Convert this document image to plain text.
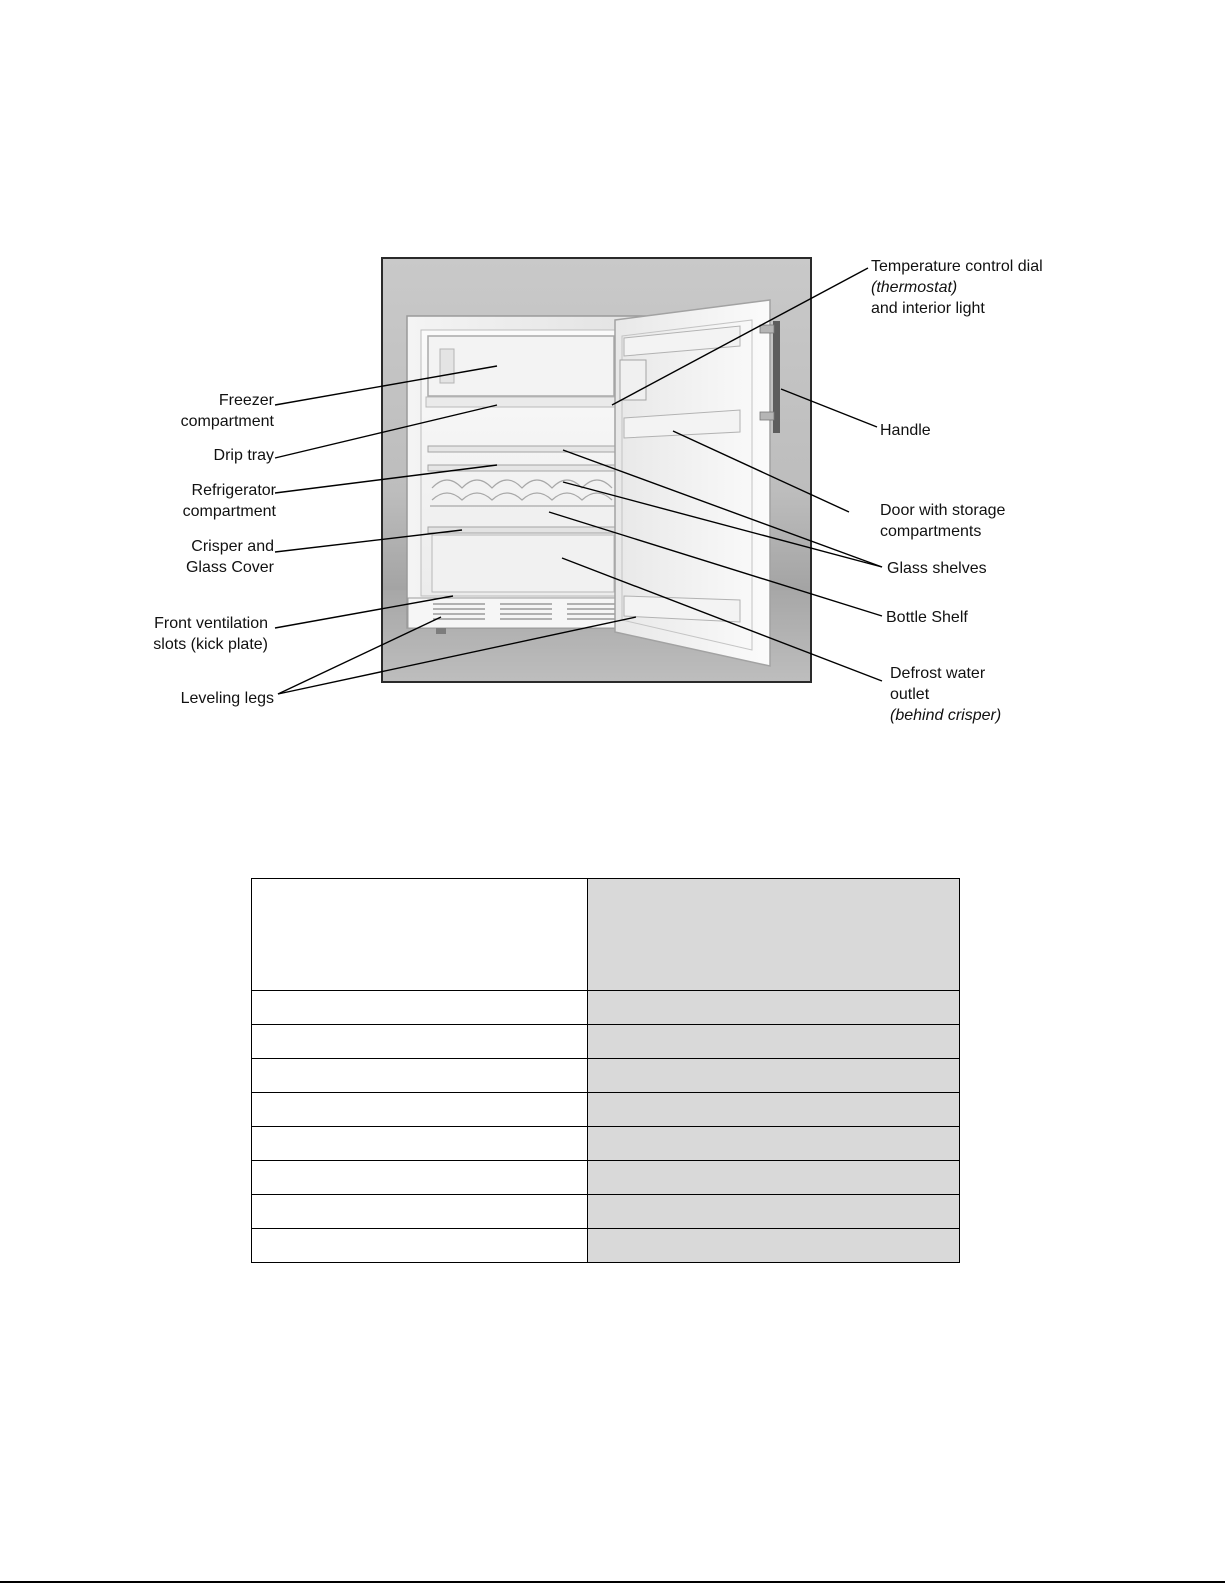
Freezer
compartment
Drip tray
Refrigerator
compartment
Crisper and
Glass Cover
Front ventilation
slots (kick plate)
Leveling legs
Temperature control dial
(thermostat)
and interior light
Handle
Door with storage
compartments
Glass shelves
Bottle Shelf
Defrost water
outlet
(behind crisper)
